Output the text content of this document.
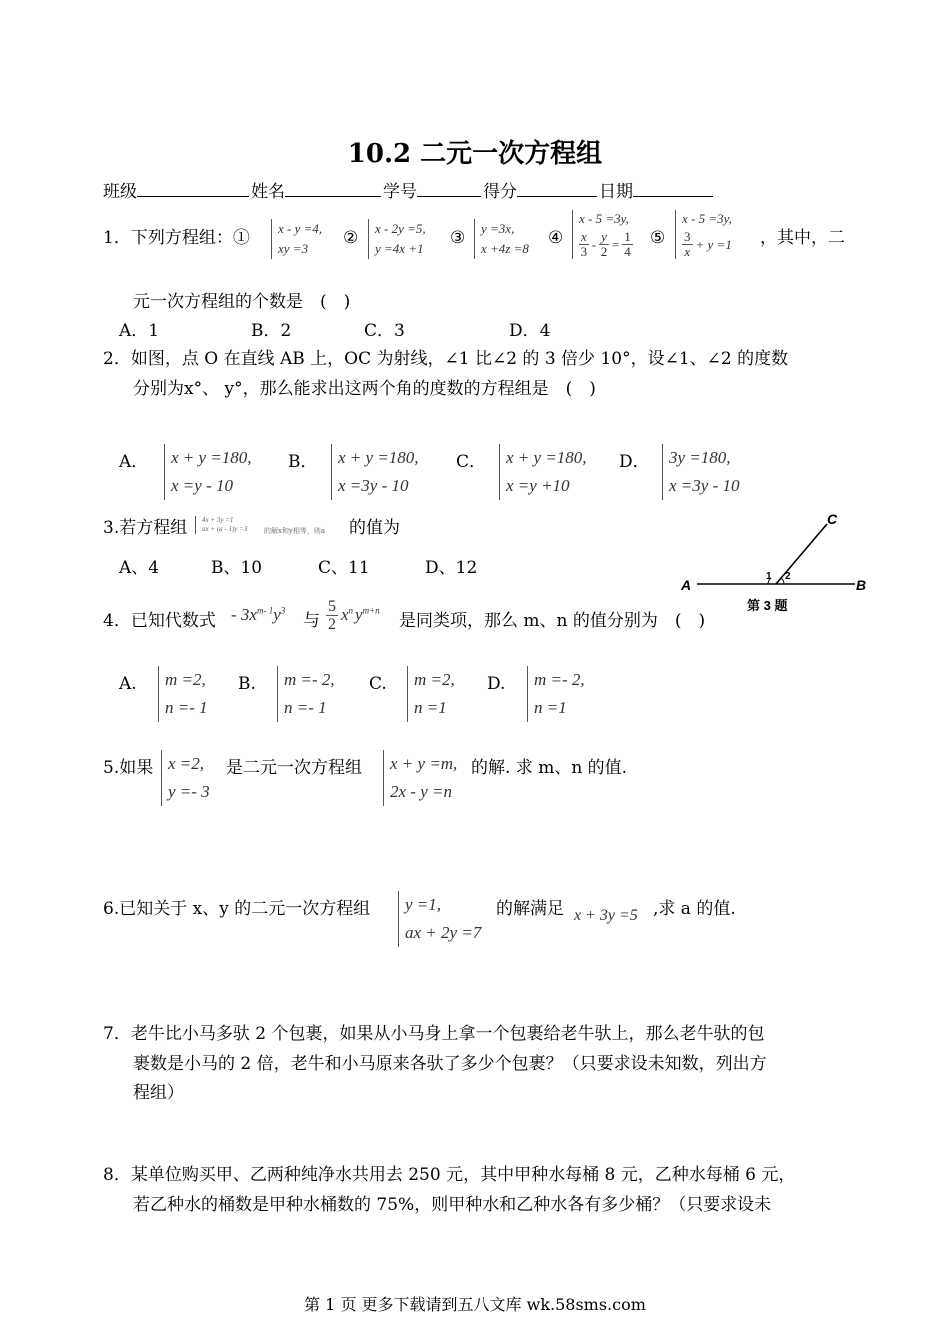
10.2 二元一次方程组
班级	姓名	学号	得分	日期
1．下列方程组：① x - y =4,
xy =3
② x - 2y =5,
y =4x +1
③ y =3x,
x +4z =8
④
x - 5 =3y,
x
$3 - \frac{y}{2} = \frac{1}{4}$ ⑤
x - 5 =3y,
3
x + y =1 ，其中，二
元一次方程组的个数是　(　)
A．1	B．2	C．3	D．4
2．如图，点 O 在直线 AB 上，OC 为射线，∠1 比∠2 的 3 倍少 10°，设∠1、∠2 的度数
分别为x°、 y°，那么能求出这两个角的度数的方程组是　(　)
A． x + y =180,
x =y - 10
B． x + y =180,
x =3y - 10
C． x + y =180,
x =y +10
D． 3y =180,
x =3y - 10
3.若方程组 4x + 3y =1
ax + (a - 1)y =3 的解x和y相等，则a 的值为
A、4	B、10	C、11	D、12
A	B
C
1 2
第 3 题
4．已知代数式 - $3x^{m- 1}y^3$
与
5
2
$x^n$ $y^{m+n}$
是同类项，那么 m、n 的值分别为　(　)
A. m =2,
n =- 1
B. m =- 2,
n =- 1
C. m =2,
n =1
D. m =- 2,
n =1
5.如果 x =2,
y =- 3
是二元一次方程组 x + y =m,
2x - y =n
的解. 求 m、n 的值.
6.已知关于 x、y 的二元一次方程组 y =1,
ax + 2y =7
的解满足 x + 3y =5 ,求 a 的值.
7．老牛比小马多驮 2 个包裹，如果从小马身上拿一个包裹给老牛驮上，那么老牛驮的包
裹数是小马的 2 倍，老牛和小马原来各驮了多少个包裹？（只要求设未知数，列出方
程组）
8．某单位购买甲、乙两种纯净水共用去 250 元，其中甲种水每桶 8 元，乙种水每桶 6 元，
若乙种水的桶数是甲种水桶数的 75%，则甲种水和乙种水各有多少桶？（只要求设未
第 1 页 更多下载请到五八文库 wk.58sms.com
